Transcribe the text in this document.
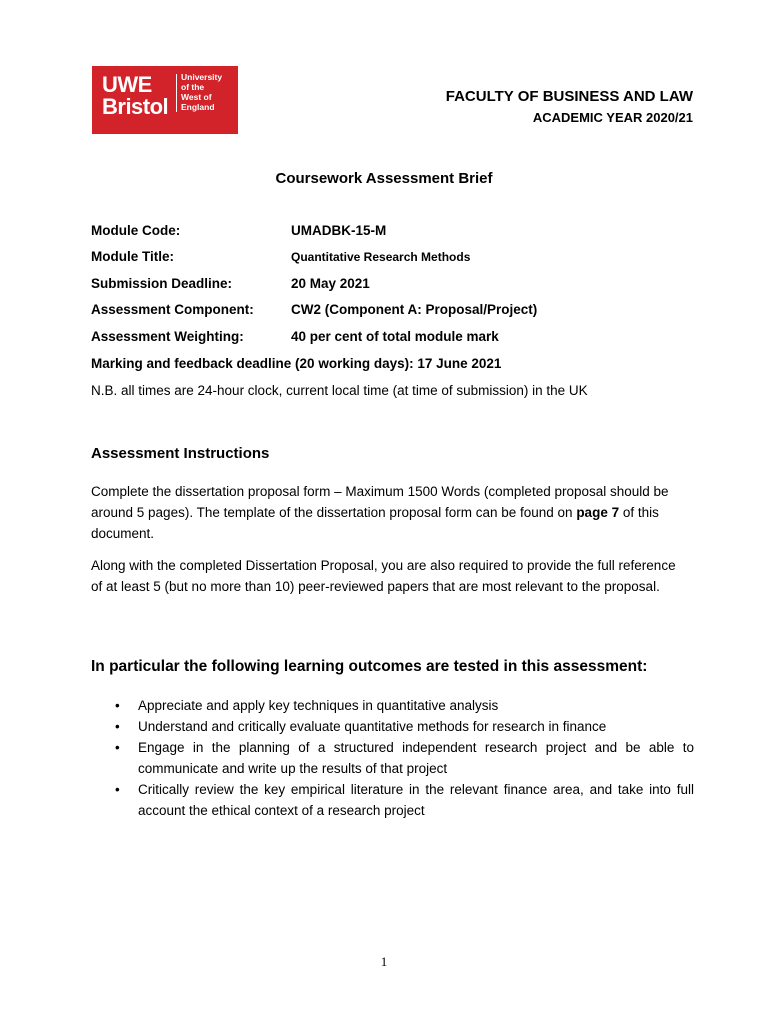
UWE
Bristol
University
of the
West of
England
FACULTY OF BUSINESS AND LAW
ACADEMIC YEAR 2020/21
Coursework Assessment Brief
Module Code:	UMADBK-15-M
Module Title:	Quantitative Research Methods
Submission Deadline:	20 May 2021
Assessment Component:	CW2 (Component A: Proposal/Project)
Assessment Weighting:	40 per cent of total module mark
Marking and feedback deadline (20 working days): 17 June 2021
N.B. all times are 24-hour clock, current local time (at time of submission) in the UK
Assessment Instructions
Complete the dissertation proposal form – Maximum 1500 Words (completed proposal should be around 5 pages). The template of the dissertation proposal form can be found on page 7 of this document.
Along with the completed Dissertation Proposal, you are also required to provide the full reference of at least 5 (but no more than 10) peer-reviewed papers that are most relevant to the proposal.
In particular the following learning outcomes are tested in this assessment:
• Appreciate and apply key techniques in quantitative analysis
• Understand and critically evaluate quantitative methods for research in finance
• Engage in the planning of a structured independent research project and be able to communicate and write up the results of that project
• Critically review the key empirical literature in the relevant finance area, and take into full account the ethical context of a research project
1
